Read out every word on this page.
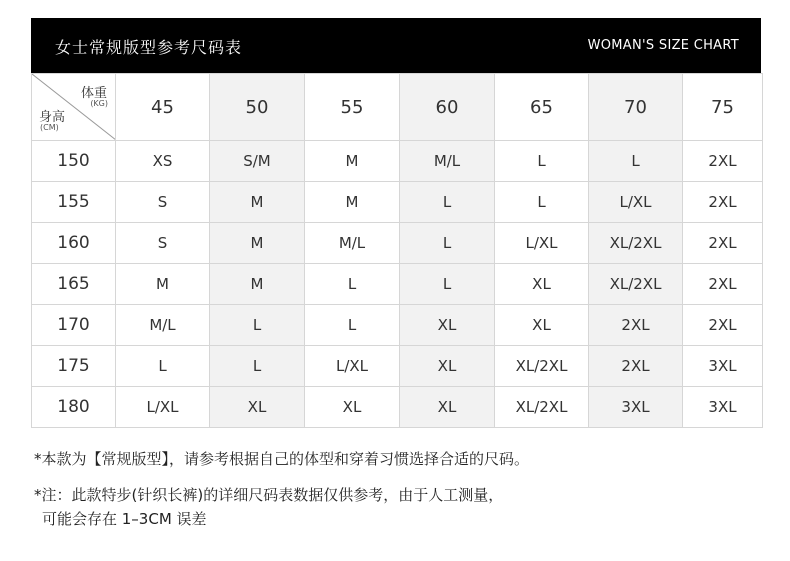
女士常规版型参考尺码表	WOMAN'S SIZE CHART
体重
(KG)
身高
(CM)	45	50	55	60	65	70	75
150	XS	S/M	M	M/L	L	L	2XL
155	S	M	M	L	L	L/XL	2XL
160	S	M	M/L	L	L/XL	XL/2XL	2XL
165	M	M	L	L	XL	XL/2XL	2XL
170	M/L	L	L	XL	XL	2XL	2XL
175	L	L	L/XL	XL	XL/2XL	2XL	3XL
180	L/XL	XL	XL	XL	XL/2XL	3XL	3XL

*本款为【常规版型】，请参考根据自己的体型和穿着习惯选择合适的尺码。

*注：此款特步(针织长裤)的详细尺码表数据仅供参考，由于人工测量，

可能会存在 1–3CM 误差
